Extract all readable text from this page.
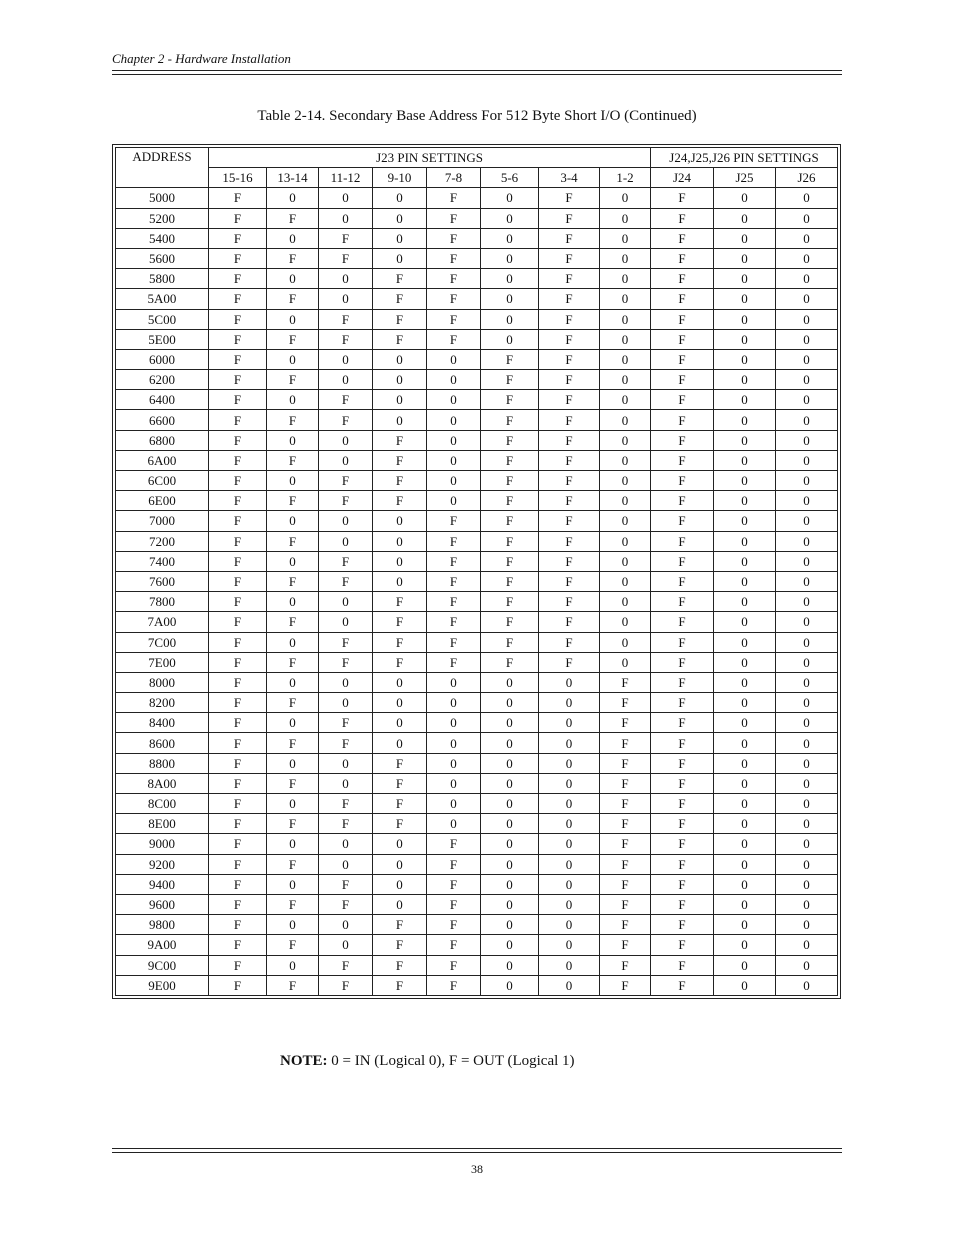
Chapter 2 - Hardware Installation
Table 2-14. Secondary Base Address For 512 Byte Short I/O (Continued)
ADDRESS	J23 PIN SETTINGS								J24,J25,J26 PIN SETTINGS		
	15-16	13-14	11-12	9-10	7-8	5-6	3-4	1-2	J24	J25	J26
5000	F	0	0	0	F	0	F	0	F	0	0
5200	F	F	0	0	F	0	F	0	F	0	0
5400	F	0	F	0	F	0	F	0	F	0	0
5600	F	F	F	0	F	0	F	0	F	0	0
5800	F	0	0	F	F	0	F	0	F	0	0
5A00	F	F	0	F	F	0	F	0	F	0	0
5C00	F	0	F	F	F	0	F	0	F	0	0
5E00	F	F	F	F	F	0	F	0	F	0	0
6000	F	0	0	0	0	F	F	0	F	0	0
6200	F	F	0	0	0	F	F	0	F	0	0
6400	F	0	F	0	0	F	F	0	F	0	0
6600	F	F	F	0	0	F	F	0	F	0	0
6800	F	0	0	F	0	F	F	0	F	0	0
6A00	F	F	0	F	0	F	F	0	F	0	0
6C00	F	0	F	F	0	F	F	0	F	0	0
6E00	F	F	F	F	0	F	F	0	F	0	0
7000	F	0	0	0	F	F	F	0	F	0	0
7200	F	F	0	0	F	F	F	0	F	0	0
7400	F	0	F	0	F	F	F	0	F	0	0
7600	F	F	F	0	F	F	F	0	F	0	0
7800	F	0	0	F	F	F	F	0	F	0	0
7A00	F	F	0	F	F	F	F	0	F	0	0
7C00	F	0	F	F	F	F	F	0	F	0	0
7E00	F	F	F	F	F	F	F	0	F	0	0
8000	F	0	0	0	0	0	0	F	F	0	0
8200	F	F	0	0	0	0	0	F	F	0	0
8400	F	0	F	0	0	0	0	F	F	0	0
8600	F	F	F	0	0	0	0	F	F	0	0
8800	F	0	0	F	0	0	0	F	F	0	0
8A00	F	F	0	F	0	0	0	F	F	0	0
8C00	F	0	F	F	0	0	0	F	F	0	0
8E00	F	F	F	F	0	0	0	F	F	0	0
9000	F	0	0	0	F	0	0	F	F	0	0
9200	F	F	0	0	F	0	0	F	F	0	0
9400	F	0	F	0	F	0	0	F	F	0	0
9600	F	F	F	0	F	0	0	F	F	0	0
9800	F	0	0	F	F	0	0	F	F	0	0
9A00	F	F	0	F	F	0	0	F	F	0	0
9C00	F	0	F	F	F	0	0	F	F	0	0
9E00	F	F	F	F	F	0	0	F	F	0	0
NOTE: 0 = IN (Logical 0), F = OUT (Logical 1)
38
